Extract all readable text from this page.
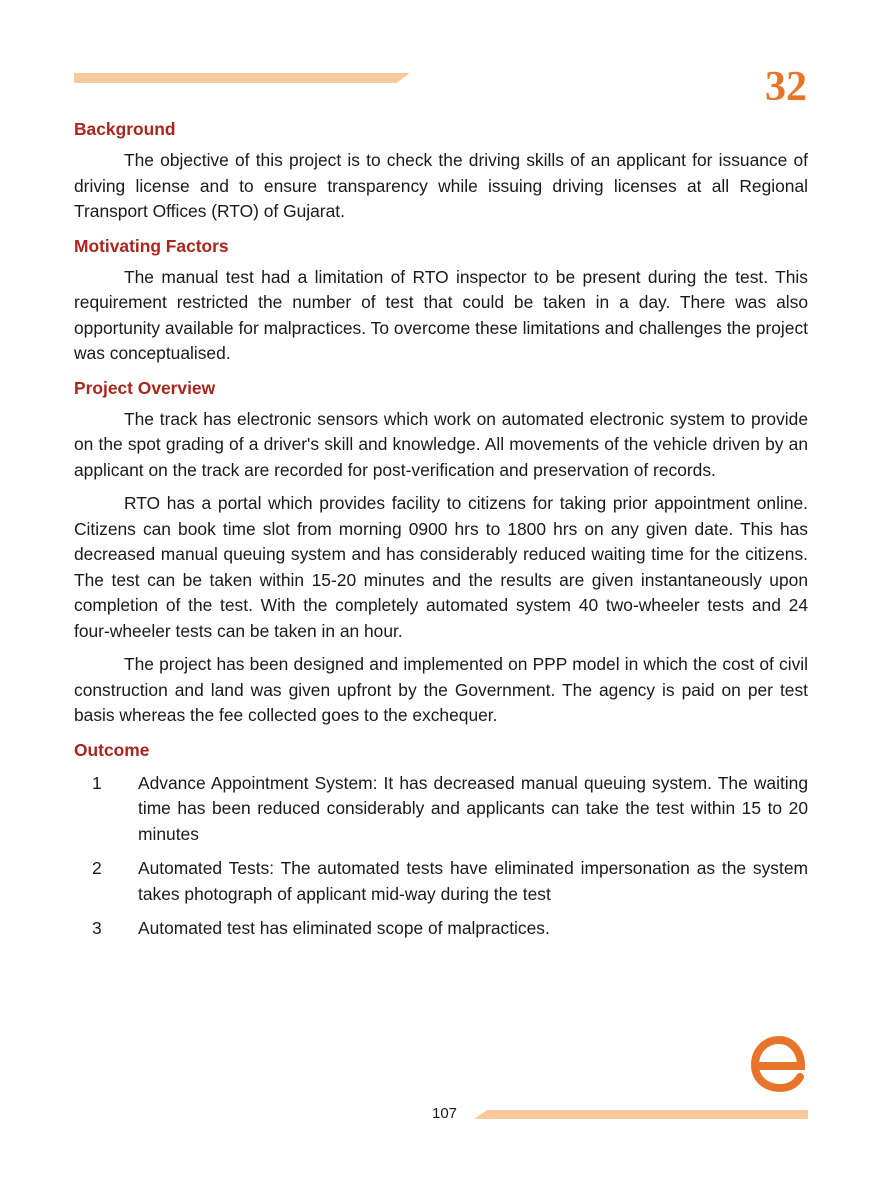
32
Background

The objective of this project is to check the driving skills of an applicant for issuance of driving license and to ensure transparency while issuing driving licenses at all Regional Transport Offices (RTO) of Gujarat.

Motivating Factors

The manual test had a limitation of RTO inspector to be present during the test. This requirement restricted the number of test that could be taken in a day. There was also opportunity available for malpractices. To overcome these limitations and challenges the project was conceptualised.

Project Overview

The track has electronic sensors which work on automated electronic system to provide on the spot grading of a driver's skill and knowledge. All movements of the vehicle driven by an applicant on the track are recorded for post-verification and preservation of records.

RTO has a portal which provides facility to citizens for taking prior appointment online. Citizens can book time slot from morning 0900 hrs to 1800 hrs on any given date. This has decreased manual queuing system and has considerably reduced waiting time for the citizens. The test can be taken within 15-20 minutes and the results are given instantaneously upon completion of the test. With the completely automated system 40 two-wheeler tests and 24 four-wheeler tests can be taken in an hour.

The project has been designed and implemented on PPP model in which the cost of civil construction and land was given upfront by the Government. The agency is paid on per test basis whereas the fee collected goes to the exchequer.

Outcome
1	Advance Appointment System: It has decreased manual queuing system. The waiting time has been reduced considerably and applicants can take the test within 15 to 20 minutes
2	Automated Tests: The automated tests have eliminated impersonation as the system takes photograph of applicant mid-way during the test
3	Automated test has eliminated scope of malpractices.
107
